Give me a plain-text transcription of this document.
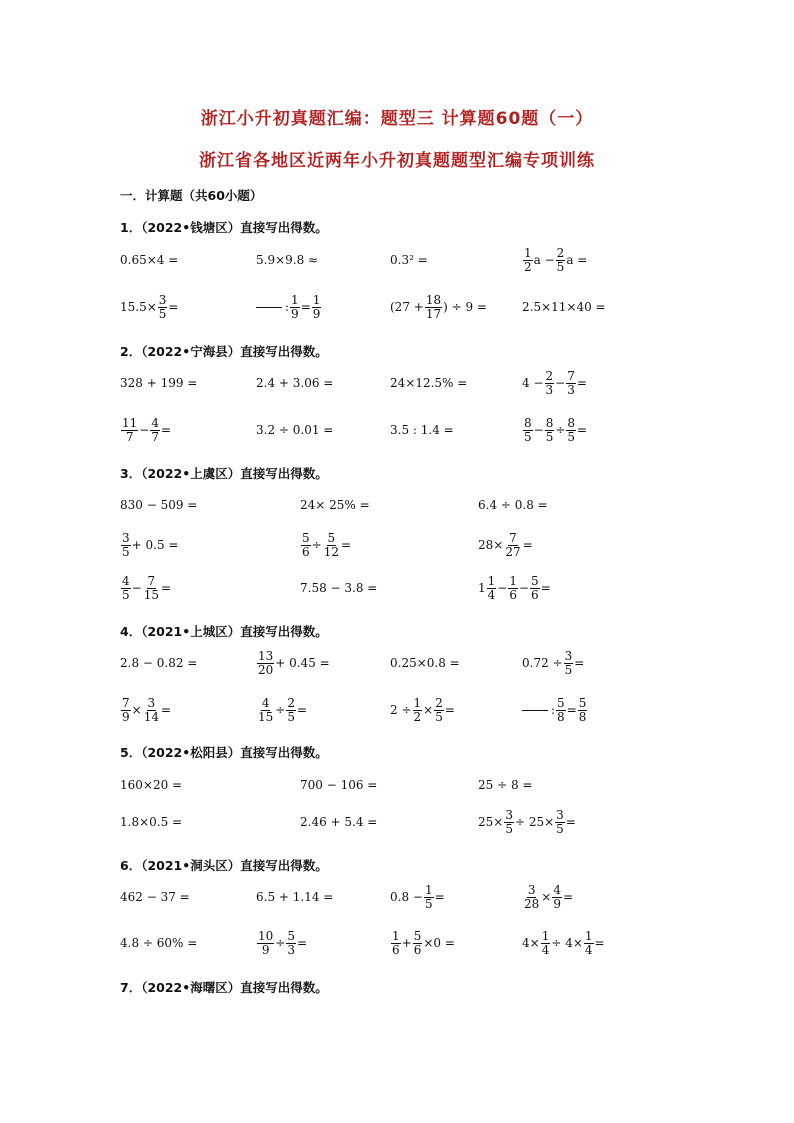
浙江小升初真题汇编：题型三 计算题60题（一）
浙江省各地区近两年小升初真题题型汇编专项训练
一．计算题（共60小题）
1．（2022•钱塘区）直接写出得数。
0.65×4 =	5.9×9.8 ≈	0.3² =	$\frac{1}{2}$ $a - \frac{2}{5}$ a =
$15.5\times \frac{3}{5}$ =	: $\frac{1}{9} = \frac{1}{9}$	($27 + \frac{18}{17}$ ) ÷ 9 =	2.5×11×40 =
2．（2022•宁海县）直接写出得数。
328 + 199 =	2.4 + 3.06 =	24×12.5% =	$4 - \frac{2}{3} - \frac{7}{3}$ =
$\frac{11}{7} - \frac{4}{7}$ =	3.2 ÷ 0.01 =	3.5 : 1.4 =	$\frac{8}{5} - \frac{8}{5} \div \frac{8}{5}$ =
3．（2022•上虞区）直接写出得数。
830 − 509 =	24× 25% =	6.4 ÷ 0.8 =
$\frac{3}{5} + 0.5$ =	$\frac{5}{6} \div \frac{5}{12}$ =	$28\times \frac{7}{27}$ =
$\frac{4}{5} - \frac{7}{15}$ =	7.58 − 3.8 =	$1 \frac{1}{4} - \frac{1}{6} - \frac{5}{6}$ =
4．（2021•上城区）直接写出得数。
2.8 − 0.82 =	$\frac{13}{20} + 0.45$ =	0.25×0.8 =	$0.72 \div \frac{3}{5}$ =
$\frac{7}{9} \times \frac{3}{14}$ =	$\frac{4}{15} \div \frac{2}{5}$ =	$2 \div \frac{1}{2} \times \frac{2}{5}$ =	: $\frac{5}{8} = \frac{5}{8}$
5．（2022•松阳县）直接写出得数。
160×20 =	700 − 106 =	25 ÷ 8 =
1.8×0.5 =	2.46 + 5.4 =	$25\times \frac{3}{5} \div 25\times \frac{3}{5}$ =
6．（2021•洞头区）直接写出得数。
462 − 37 =	6.5 + 1.14 =	$0.8 - \frac{1}{5}$ =	$\frac{3}{28} \times \frac{4}{9}$ =
4.8 ÷ 60% =	$\frac{10}{9} \div \frac{5}{3}$ =	$\frac{1}{6} + \frac{5}{6} \times 0$ =	$4\times \frac{1}{4} \div 4\times \frac{1}{4}$ =
7．（2022•海曙区）直接写出得数。
